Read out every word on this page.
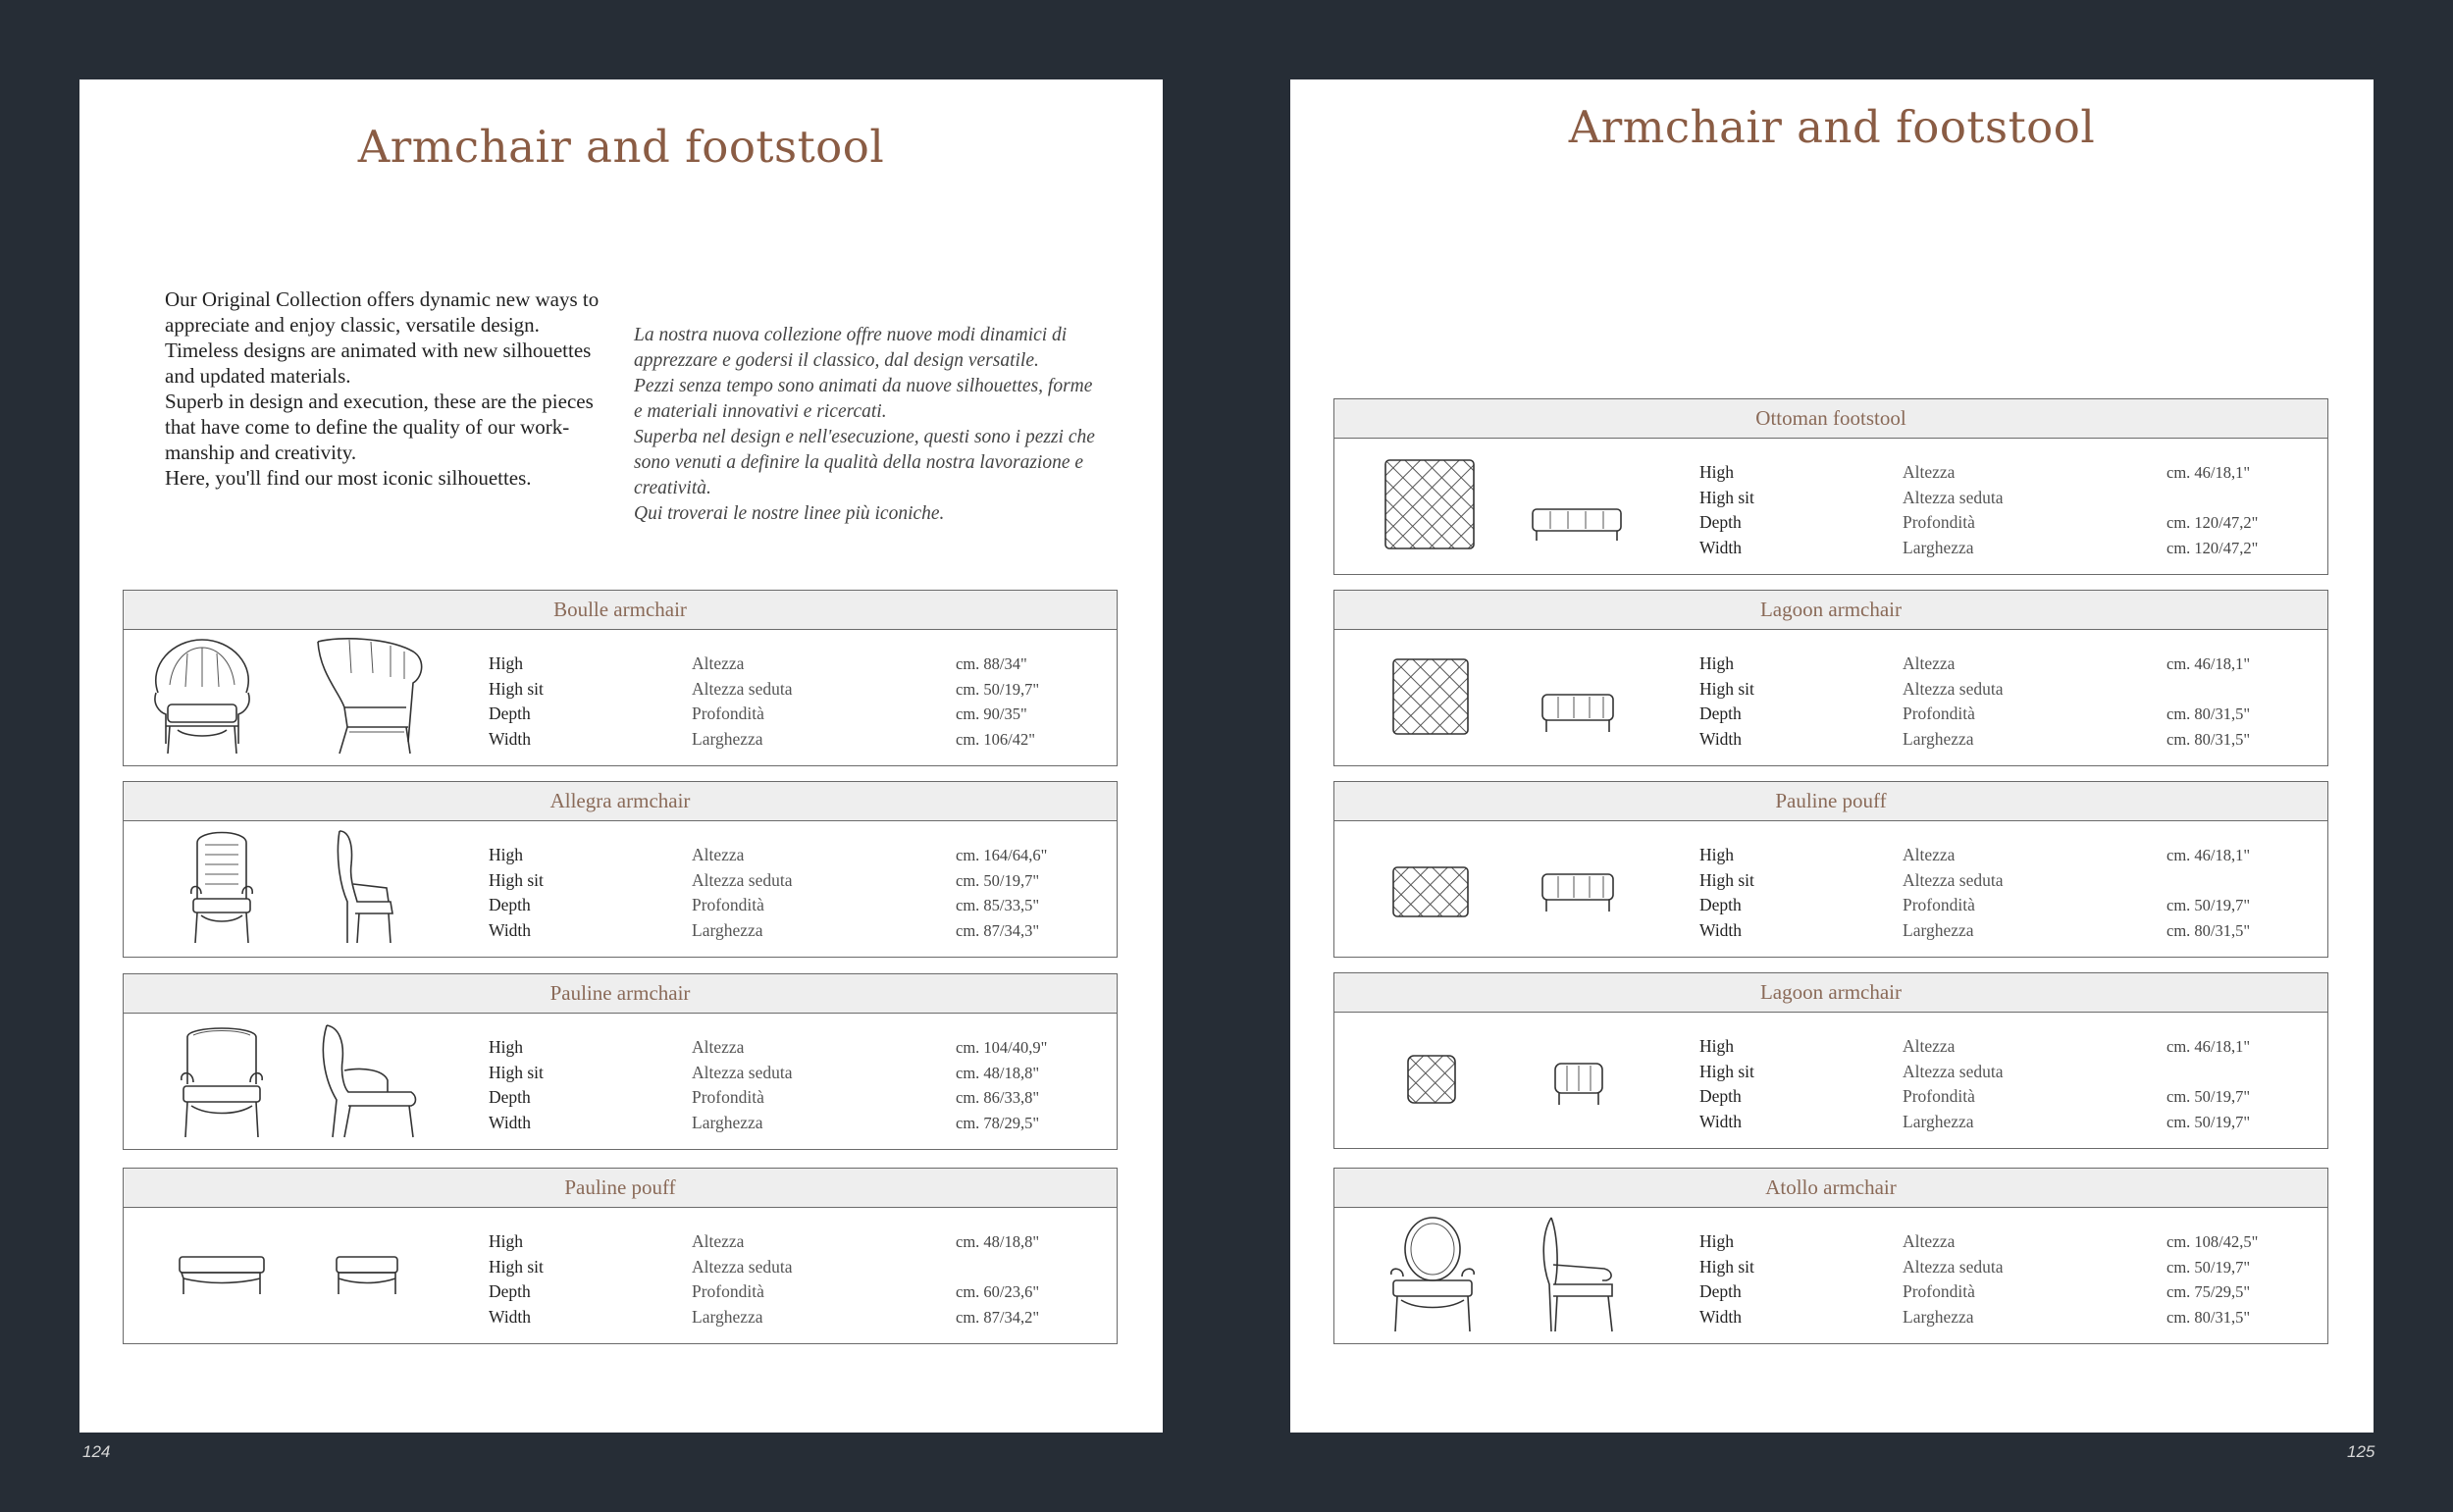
Armchair and footstool

Our Original Collection offers dynamic new ways to
appreciate and enjoy classic, versatile design.
Timeless designs are animated with new silhouettes
and updated materials.
Superb in design and execution, these are the pieces
that have come to define the quality of our work-
manship and creativity.
Here, you'll find our most iconic silhouettes.

La nostra nuova collezione offre nuove modi dinamici di
apprezzare e godersi il classico, dal design versatile.
Pezzi senza tempo sono animati da nuove silhouettes, forme
e materiali innovativi e ricercati.
Superba nel design e nell'esecuzione, questi sono i pezzi che
sono venuti a definire la qualità della nostra lavorazione e
creatività.
Qui troverai le nostre linee più iconiche.

Boulle armchair
High
High sit
Depth
Width
Altezza
Altezza seduta
Profondità
Larghezza
cm. 88/34"
cm. 50/19,7"
cm. 90/35"
cm. 106/42"
Allegra armchair
High
High sit
Depth
Width
Altezza
Altezza seduta
Profondità
Larghezza
cm. 164/64,6"
cm. 50/19,7"
cm. 85/33,5"
cm. 87/34,3"
Pauline armchair
High
High sit
Depth
Width
Altezza
Altezza seduta
Profondità
Larghezza
cm. 104/40,9"
cm. 48/18,8"
cm. 86/33,8"
cm. 78/29,5"
Pauline pouff
High
High sit
Depth
Width
Altezza
Altezza seduta
Profondità
Larghezza
cm. 48/18,8"
cm. 60/23,6"
cm. 87/34,2"
124
Armchair and footstool
Ottoman footstool
High
High sit
Depth
Width
Altezza
Altezza seduta
Profondità
Larghezza
cm. 46/18,1"
cm. 120/47,2"
cm. 120/47,2"
Lagoon armchair
High
High sit
Depth
Width
Altezza
Altezza seduta
Profondità
Larghezza
cm. 46/18,1"
cm. 80/31,5"
cm. 80/31,5"
Pauline pouff
High
High sit
Depth
Width
Altezza
Altezza seduta
Profondità
Larghezza
cm. 46/18,1"
cm. 50/19,7"
cm. 80/31,5"
Lagoon armchair
High
High sit
Depth
Width
Altezza
Altezza seduta
Profondità
Larghezza
cm. 46/18,1"
cm. 50/19,7"
cm. 50/19,7"
Atollo armchair
High
High sit
Depth
Width
Altezza
Altezza seduta
Profondità
Larghezza
cm. 108/42,5"
cm. 50/19,7"
cm. 75/29,5"
cm. 80/31,5"
125
